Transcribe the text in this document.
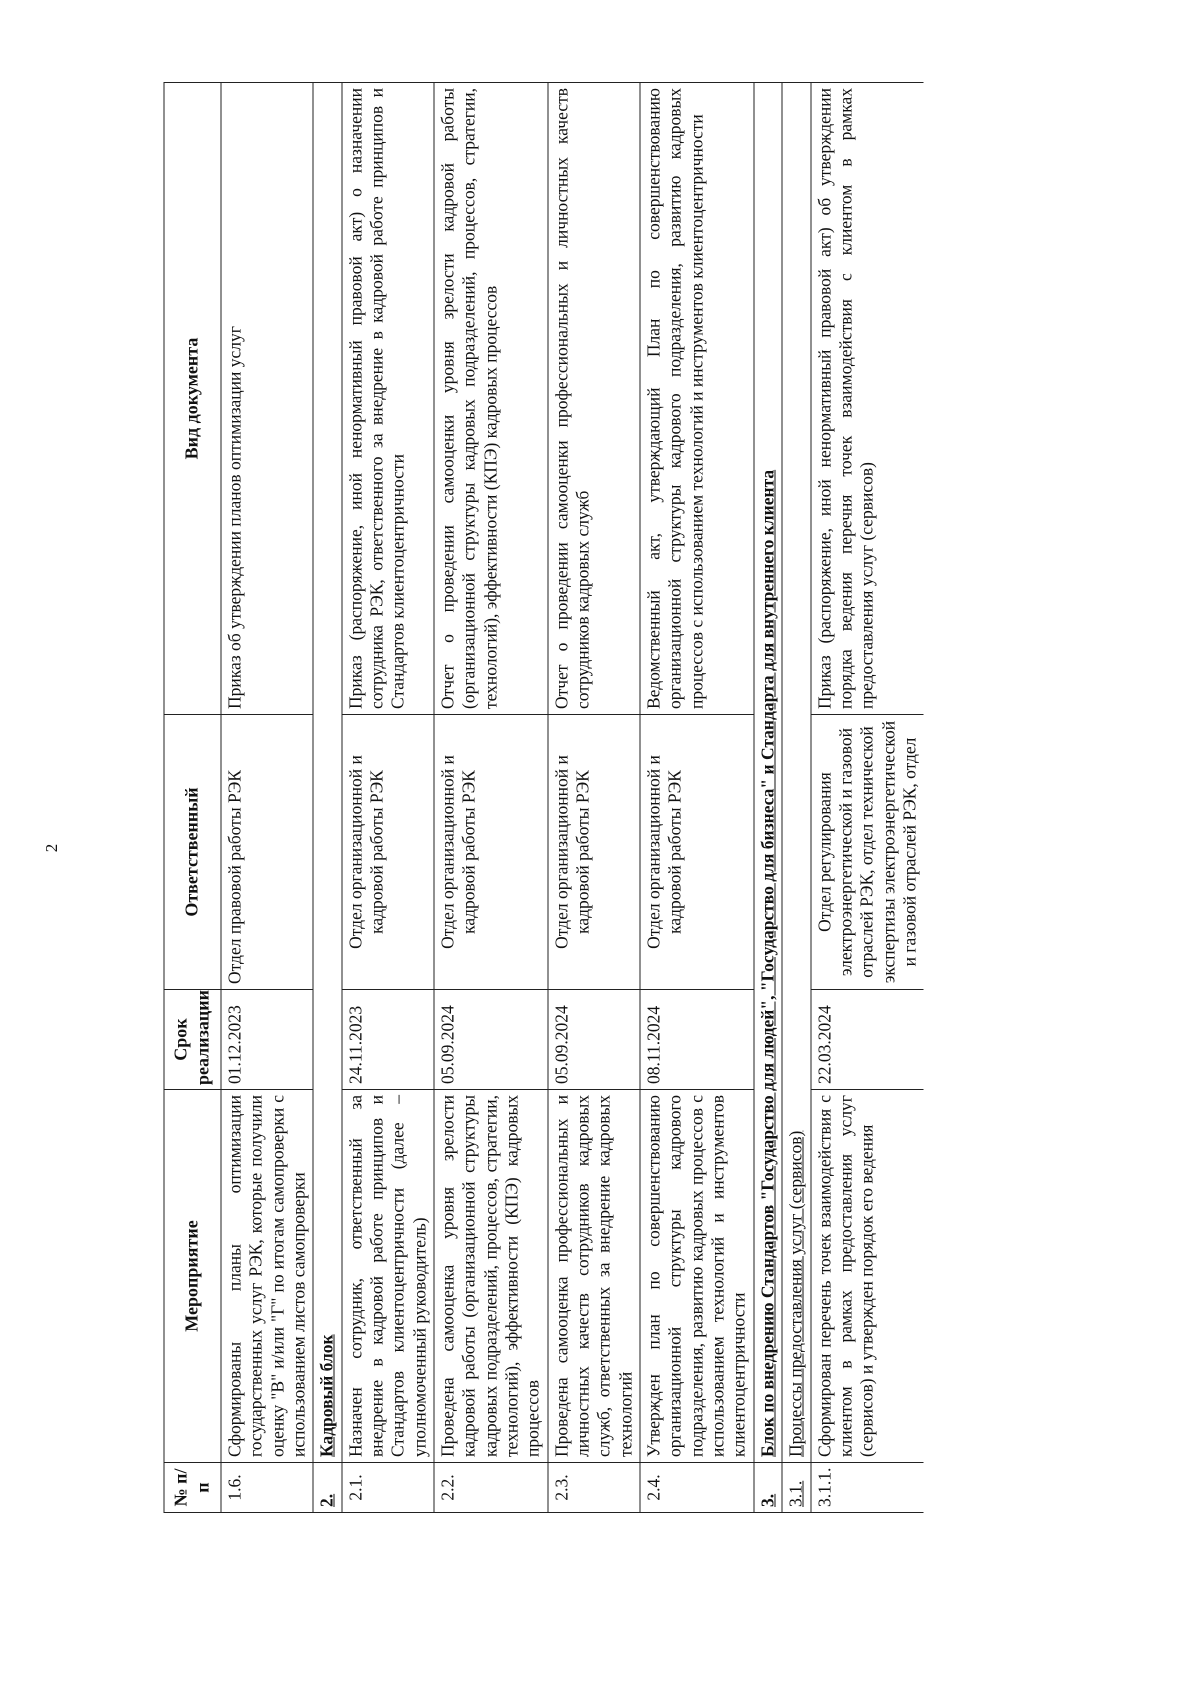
2
№ п/п	Мероприятие	Срок реализации	Ответственный	Вид документа
1.6.	Сформированы планы оптимизации государственных услуг РЭК, которые получили оценку "В" и/или "Г" по итогам самопроверки с использованием листов самопроверки	01.12.2023	Отдел правовой работы РЭК	Приказ об утверждении планов оптимизации услуг
2.	Кадровый блок			
2.1.	Назначен сотрудник, ответственный за внедрение в кадровой работе принципов и Стандартов клиентоцентричности (далее – уполномоченный руководитель)	24.11.2023	Отдел организационной и кадровой работы РЭК	Приказ (распоряжение, иной ненормативный правовой акт) о назначении сотрудника РЭК, ответственного за внедрение в кадровой работе принципов и Стандартов клиентоцентричности
2.2.	Проведена самооценка уровня зрелости кадровой работы (организационной структуры кадровых подразделений, процессов, стратегии, технологий), эффективности (КПЭ) кадровых процессов	05.09.2024	Отдел организационной и кадровой работы РЭК	Отчет о проведении самооценки уровня зрелости кадровой работы (организационной структуры кадровых подразделений, процессов, стратегии, технологий), эффективности (КПЭ) кадровых процессов
2.3.	Проведена самооценка профессиональных и личностных качеств сотрудников кадровых служб, ответственных за внедрение кадровых технологий	05.09.2024	Отдел организационной и кадровой работы РЭК	Отчет о проведении самооценки профессиональных и личностных качеств сотрудников кадровых служб
2.4.	Утвержден план по совершенствованию организационной структуры кадрового подразделения, развитию кадровых процессов с использованием технологий и инструментов клиентоцентричности	08.11.2024	Отдел организационной и кадровой работы РЭК	Ведомственный акт, утверждающий План по совершенствованию организационной структуры кадрового подразделения, развитию кадровых процессов с использованием технологий и инструментов клиентоцентричности
3.	Блок по внедрению Стандартов "Государство для людей", "Государство для бизнеса" и Стандарта для внутреннего клиента			
3.1.	Процессы предоставления услуг (сервисов)			
3.1.1.	Сформирован перечень точек взаимодействия с клиентом в рамках предоставления услуг (сервисов) и утвержден порядок его ведения	22.03.2024	Отдел регулирования электроэнергетической и газовой отраслей РЭК, отдел технической экспертизы электроэнергетической и газовой отраслей РЭК, отдел	Приказ (распоряжение, иной ненормативный правовой акт) об утверждении порядка ведения перечня точек взаимодействия с клиентом в рамках предоставления услуг (сервисов)
